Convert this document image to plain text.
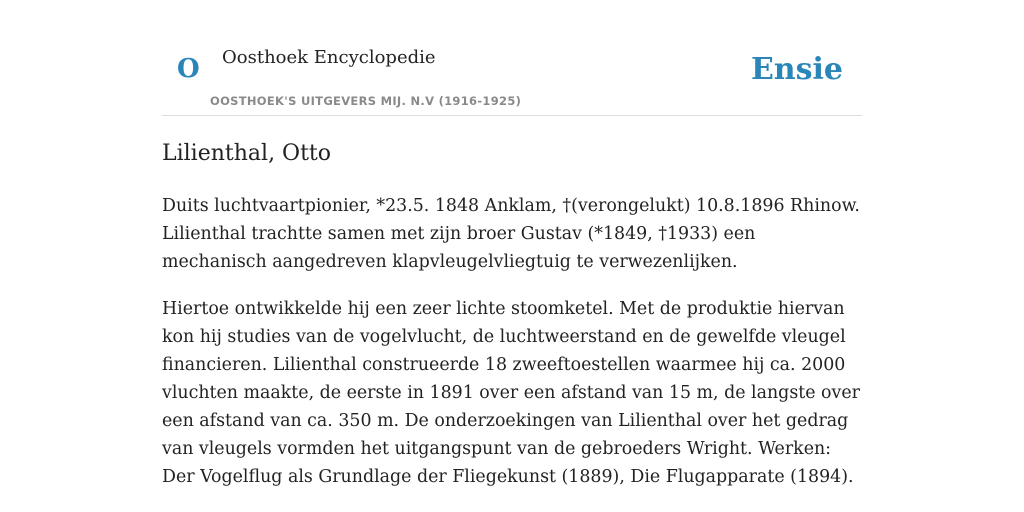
O Oosthoek Encyclopedie
OOSTHOEK'S UITGEVERS MIJ. N.V (1916-1925)
Ensie
Lilienthal, Otto

Duits luchtvaartpionier, *23.5. 1848 Anklam, †(verongelukt) 10.8.1896 Rhinow. Lilienthal trachtte samen met zijn broer Gustav (*1849, †1933) een mechanisch aangedreven klapvleugelvliegtuig te verwezenlijken.

Hiertoe ontwikkelde hij een zeer lichte stoomketel. Met de produktie hiervan kon hij studies van de vogelvlucht, de luchtweerstand en de gewelfde vleugel financieren. Lilienthal construeerde 18 zweeftoestellen waarmee hij ca. 2000 vluchten maakte, de eerste in 1891 over een afstand van 15 m, de langste over een afstand van ca. 350 m. De onderzoekingen van Lilienthal over het gedrag van vleugels vormden het uitgangspunt van de gebroeders Wright. Werken: Der Vogelflug als Grundlage der Fliegekunst (1889), Die Flugapparate (1894).
